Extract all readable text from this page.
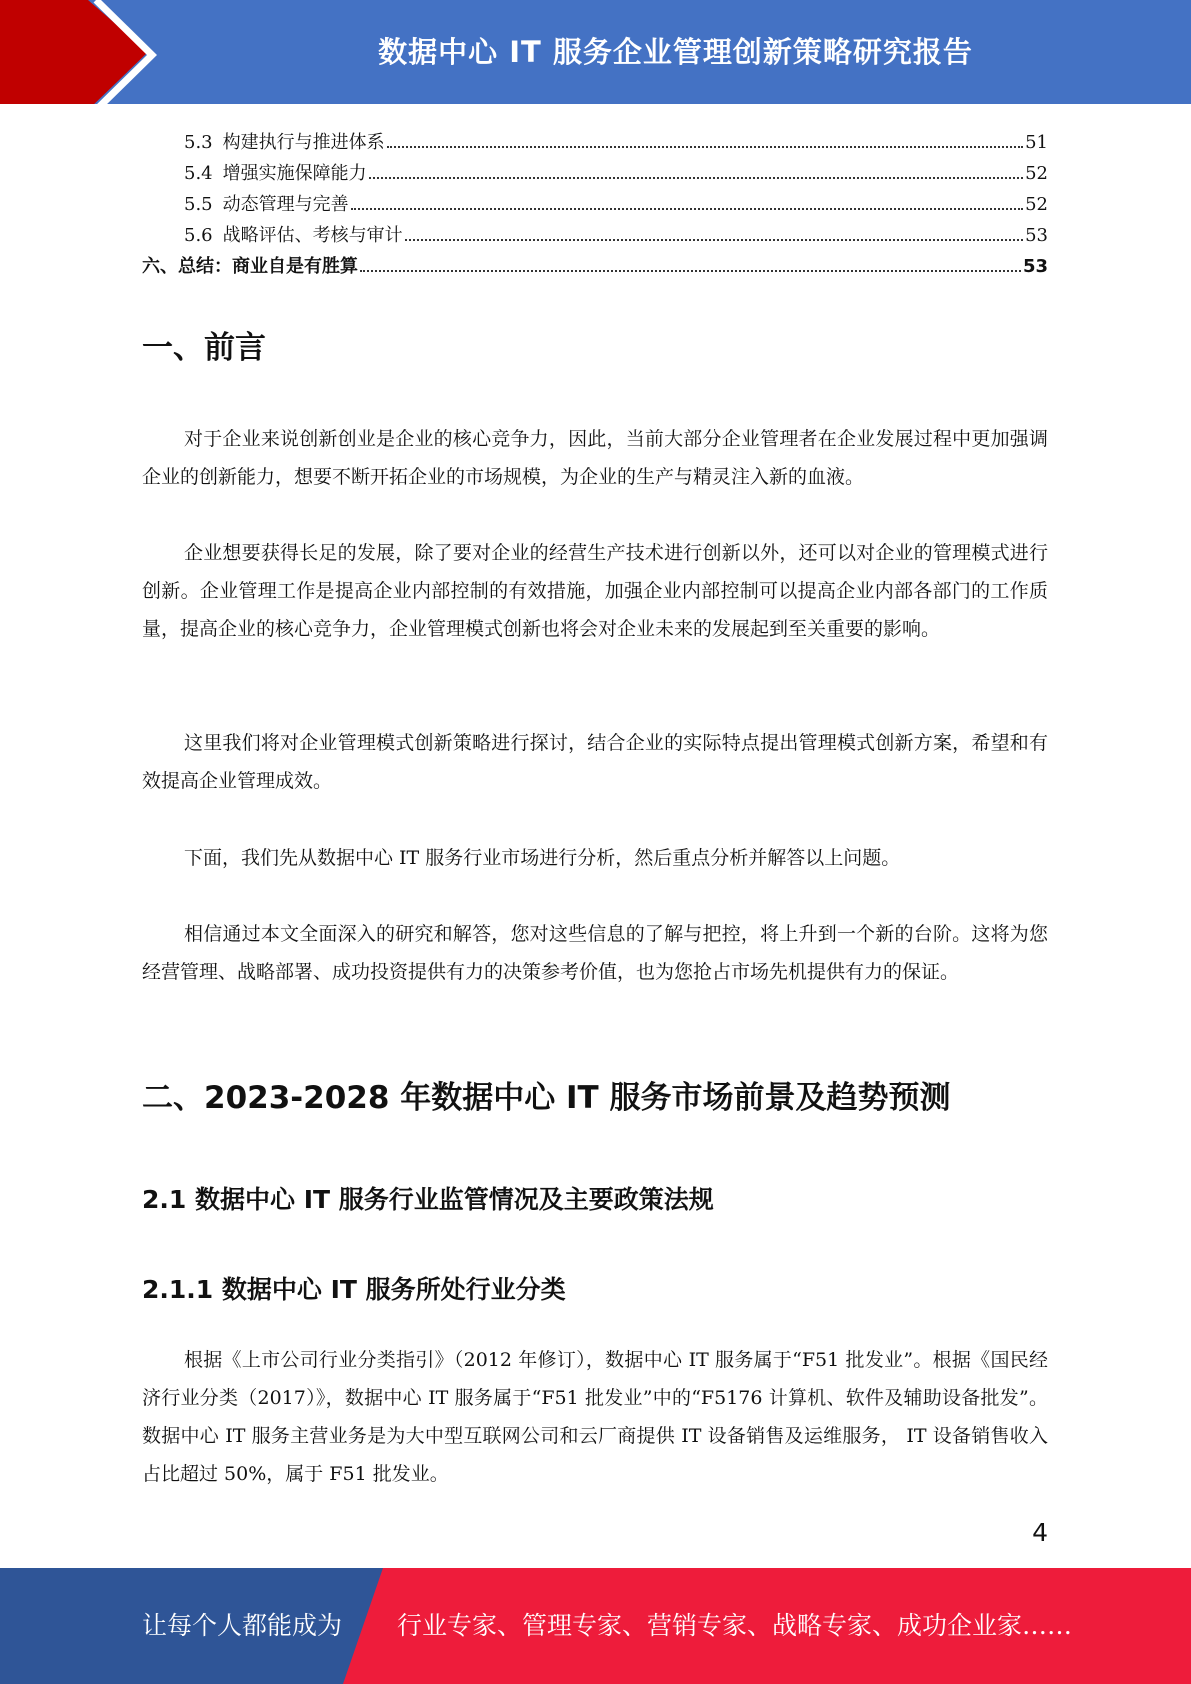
数据中心 IT 服务企业管理创新策略研究报告
5.3 构建执行与推进体系	51
5.4 增强实施保障能力	52
5.5 动态管理与完善	52
5.6 战略评估、考核与审计	53
六、总结：商业自是有胜算	53
一、前言

对于企业来说创新创业是企业的核心竞争力，因此，当前大部分企业管理者在企业发展过程中更加强调企业的创新能力，想要不断开拓企业的市场规模，为企业的生产与精灵注入新的血液。

企业想要获得长足的发展，除了要对企业的经营生产技术进行创新以外，还可以对企业的管理模式进行创新。企业管理工作是提高企业内部控制的有效措施，加强企业内部控制可以提高企业内部各部门的工作质量，提高企业的核心竞争力，企业管理模式创新也将会对企业未来的发展起到至关重要的影响。

这里我们将对企业管理模式创新策略进行探讨，结合企业的实际特点提出管理模式创新方案，希望和有效提高企业管理成效。

下面，我们先从数据中心 IT 服务行业市场进行分析，然后重点分析并解答以上问题。

相信通过本文全面深入的研究和解答，您对这些信息的了解与把控，将上升到一个新的台阶。这将为您经营管理、战略部署、成功投资提供有力的决策参考价值，也为您抢占市场先机提供有力的保证。

二、2023-2028 年数据中心 IT 服务市场前景及趋势预测
2.1 数据中心 IT 服务行业监管情况及主要政策法规
2.1.1 数据中心 IT 服务所处行业分类

根据《上市公司行业分类指引》（2012 年修订），数据中心 IT 服务属于“F51 批发业”。根据《国民经济行业分类（2017）》，数据中心 IT 服务属于“F51 批发业”中的“F5176 计算机、软件及辅助设备批发”。数据中心 IT 服务主营业务是为大中型互联网公司和云厂商提供 IT 设备销售及运维服务， IT 设备销售收入占比超过 50%，属于 F51 批发业。

4
让每个人都能成为 行业专家、管理专家、营销专家、战略专家、成功企业家……
